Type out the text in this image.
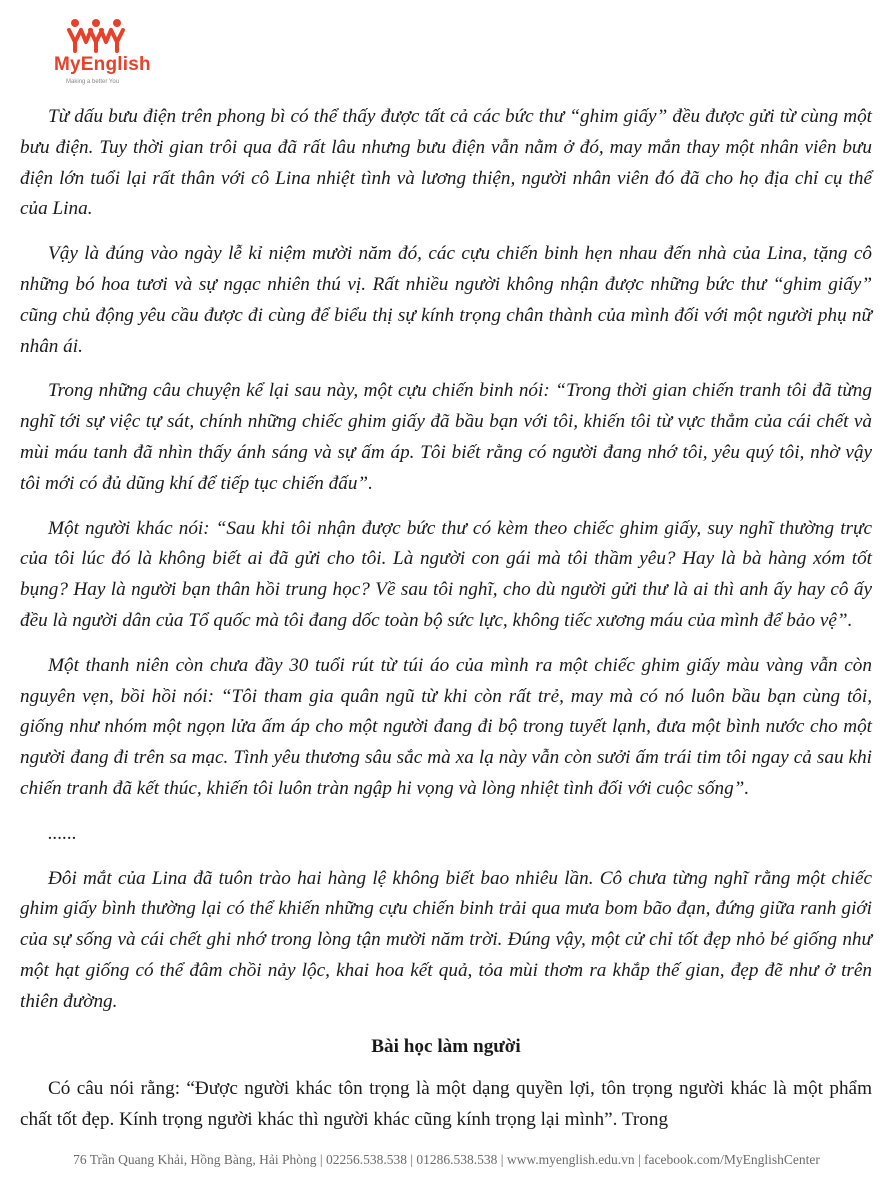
MyEnglish
Making a better You

Từ dấu bưu điện trên phong bì có thể thấy được tất cả các bức thư “ghim giấy” đều được gửi từ cùng một bưu điện. Tuy thời gian trôi qua đã rất lâu nhưng bưu điện vẫn nằm ở đó, may mắn thay một nhân viên bưu điện lớn tuổi lại rất thân với cô Lina nhiệt tình và lương thiện, người nhân viên đó đã cho họ địa chỉ cụ thể của Lina.

Vậy là đúng vào ngày lễ kỉ niệm mười năm đó, các cựu chiến binh hẹn nhau đến nhà của Lina, tặng cô những bó hoa tươi và sự ngạc nhiên thú vị. Rất nhiều người không nhận được những bức thư “ghim giấy” cũng chủ động yêu cầu được đi cùng để biểu thị sự kính trọng chân thành của mình đối với một người phụ nữ nhân ái.

Trong những câu chuyện kể lại sau này, một cựu chiến binh nói: “Trong thời gian chiến tranh tôi đã từng nghĩ tới sự việc tự sát, chính những chiếc ghim giấy đã bầu bạn với tôi, khiến tôi từ vực thẳm của cái chết và mùi máu tanh đã nhìn thấy ánh sáng và sự ấm áp. Tôi biết rằng có người đang nhớ tôi, yêu quý tôi, nhờ vậy tôi mới có đủ dũng khí để tiếp tục chiến đấu”.

Một người khác nói: “Sau khi tôi nhận được bức thư có kèm theo chiếc ghim giấy, suy nghĩ thường trực của tôi lúc đó là không biết ai đã gửi cho tôi. Là người con gái mà tôi thầm yêu? Hay là bà hàng xóm tốt bụng? Hay là người bạn thân hồi trung học? Về sau tôi nghĩ, cho dù người gửi thư là ai thì anh ấy hay cô ấy đều là người dân của Tổ quốc mà tôi đang dốc toàn bộ sức lực, không tiếc xương máu của mình để bảo vệ”.

Một thanh niên còn chưa đầy 30 tuổi rút từ túi áo của mình ra một chiếc ghim giấy màu vàng vẫn còn nguyên vẹn, bồi hồi nói: “Tôi tham gia quân ngũ từ khi còn rất trẻ, may mà có nó luôn bầu bạn cùng tôi, giống như nhóm một ngọn lửa ấm áp cho một người đang đi bộ trong tuyết lạnh, đưa một bình nước cho một người đang đi trên sa mạc. Tình yêu thương sâu sắc mà xa lạ này vẫn còn sưởi ấm trái tim tôi ngay cả sau khi chiến tranh đã kết thúc, khiến tôi luôn tràn ngập hi vọng và lòng nhiệt tình đối với cuộc sống”.

......

Đôi mắt của Lina đã tuôn trào hai hàng lệ không biết bao nhiêu lần. Cô chưa từng nghĩ rằng một chiếc ghim giấy bình thường lại có thể khiến những cựu chiến binh trải qua mưa bom bão đạn, đứng giữa ranh giới của sự sống và cái chết ghi nhớ trong lòng tận mười năm trời. Đúng vậy, một cử chỉ tốt đẹp nhỏ bé giống như một hạt giống có thể đâm chồi nảy lộc, khai hoa kết quả, tỏa mùi thơm ra khắp thế gian, đẹp đẽ như ở trên thiên đường.

Bài học làm người

Có câu nói rằng: “Được người khác tôn trọng là một dạng quyền lợi, tôn trọng người khác là một phẩm chất tốt đẹp. Kính trọng người khác thì người khác cũng kính trọng lại mình”. Trong

76 Trần Quang Khải, Hồng Bàng, Hải Phòng | 02256.538.538 | 01286.538.538 | www.myenglish.edu.vn | facebook.com/MyEnglishCenter
